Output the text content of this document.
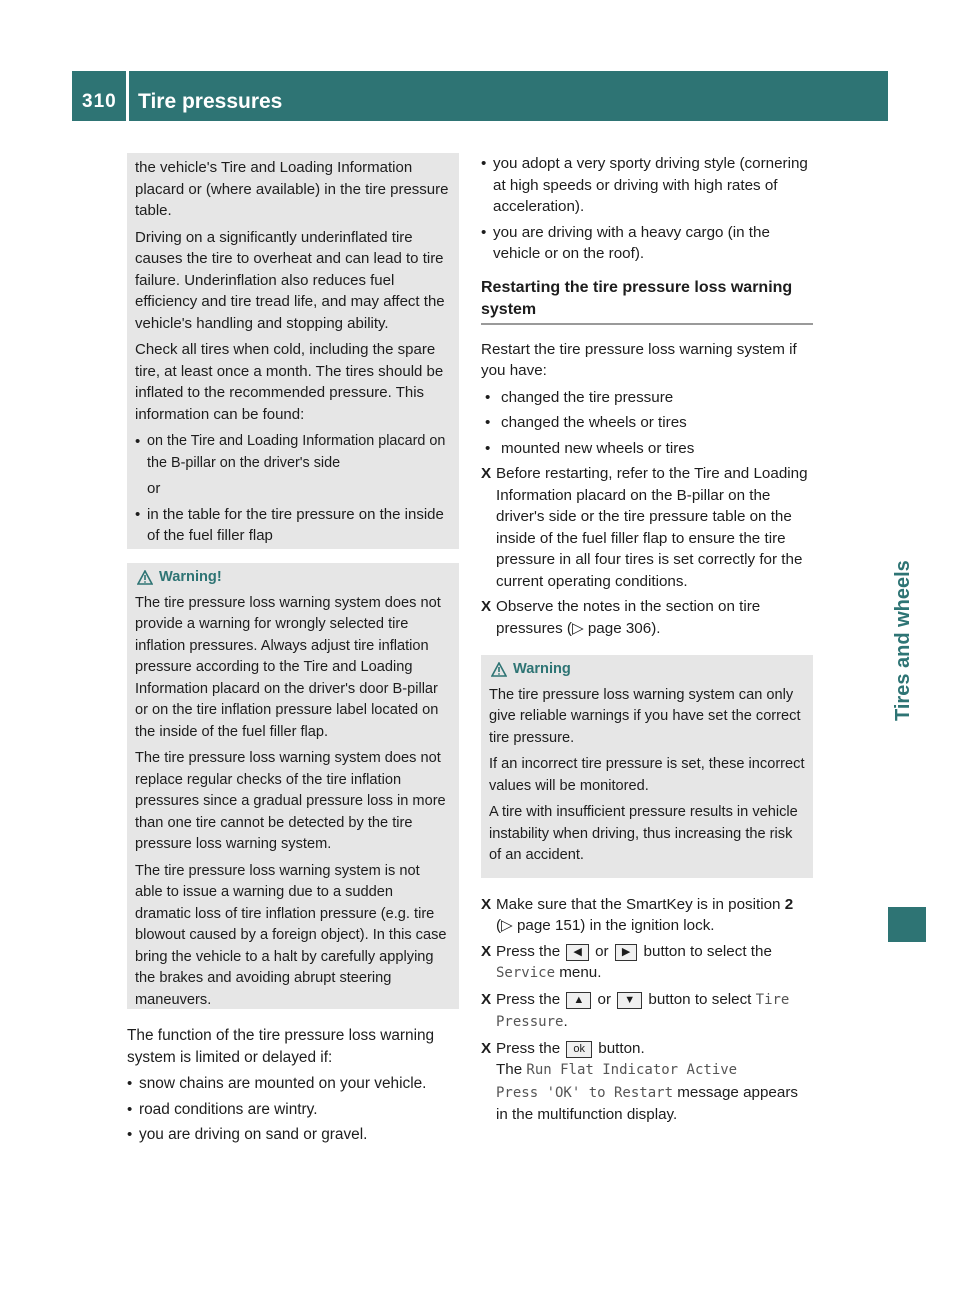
310 Tire pressures
Tires and wheels

the vehicle's Tire and Loading Information placard or (where available) in the tire pressure table.

Driving on a significantly underinflated tire causes the tire to overheat and can lead to tire failure. Underinflation also reduces fuel efficiency and tire tread life, and may affect the vehicle's handling and stopping ability.

Check all tires when cold, including the spare tire, at least once a month. The tires should be inflated to the recommended pressure. This information can be found:

• on the Tire and Loading Information placard on the B-pillar on the driver's side
or
• in the table for the tire pressure on the inside of the fuel filler flap
Warning!

The tire pressure loss warning system does not provide a warning for wrongly selected tire inflation pressures. Always adjust tire inflation pressure according to the Tire and Loading Information placard on the driver's door B-pillar or on the tire inflation pressure label located on the inside of the fuel filler flap.

The tire pressure loss warning system does not replace regular checks of the tire inflation pressures since a gradual pressure loss in more than one tire cannot be detected by the tire pressure loss warning system.

The tire pressure loss warning system is not able to issue a warning due to a sudden dramatic loss of tire inflation pressure (e.g. tire blowout caused by a foreign object). In this case bring the vehicle to a halt by carefully applying the brakes and avoiding abrupt steering maneuvers.

The function of the tire pressure loss warning system is limited or delayed if:

• snow chains are mounted on your vehicle.
• road conditions are wintry.
• you are driving on sand or gravel.
• you adopt a very sporty driving style (cornering at high speeds or driving with high rates of acceleration).
• you are driving with a heavy cargo (in the vehicle or on the roof).
Restarting the tire pressure loss warning system

Restart the tire pressure loss warning system if you have:

• changed the tire pressure
• changed the wheels or tires
• mounted new wheels or tires
X Before restarting, refer to the Tire and Loading Information placard on the B-pillar on the driver's side or the tire pressure table on the inside of the fuel filler flap to ensure the tire pressure in all four tires is set correctly for the current operating conditions.
X Observe the notes in the section on tire pressures (▷ page 306).
Warning

The tire pressure loss warning system can only give reliable warnings if you have set the correct tire pressure.

If an incorrect tire pressure is set, these incorrect values will be monitored.

A tire with insufficient pressure results in vehicle instability when driving, thus increasing the risk of an accident.

X Make sure that the SmartKey is in position 2 (▷ page 151) in the ignition lock.
X Press the ◀ or ▶ button to select the Service menu.
X Press the ▲ or ▼ button to select Tire Pressure.
X Press the ok button.
The Run Flat Indicator Active
Press 'OK' to Restart message appears in the multifunction display.
